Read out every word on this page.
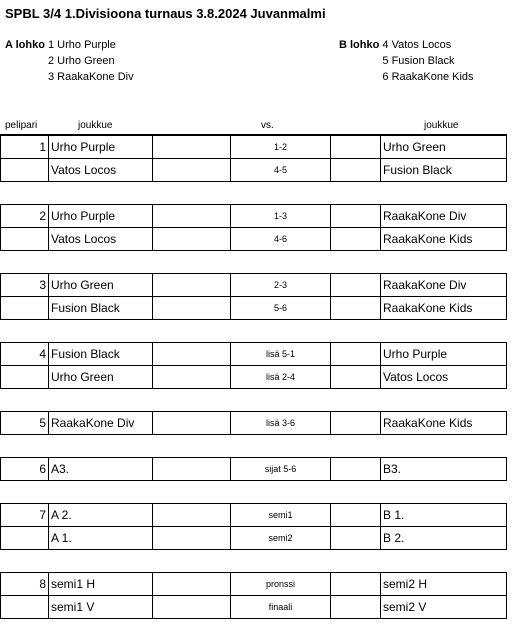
SPBL 3/4 1.Divisioona turnaus 3.8.2024 Juvanmalmi
A lohko 1 Urho Purple
2 Urho Green
3 RaakaKone Div
B lohko 4 Vatos Locos
5 Fusion Black
6 RaakaKone Kids
pelipari	joukkue	vs.	joukkue
1	Urho Purple		1-2		Urho Green
	Vatos Locos		4-5		Fusion Black

2	Urho Purple		1-3		RaakaKone Div
	Vatos Locos		4-6		RaakaKone Kids

3	Urho Green		2-3		RaakaKone Div
	Fusion Black		5-6		RaakaKone Kids

4	Fusion Black		lisä 5-1		Urho Purple
	Urho Green		lisä 2-4		Vatos Locos

5	RaakaKone Div		lisä 3-6		RaakaKone Kids

6	A3.		sijat 5-6		B3.

7	A 2.		semi1		B 1.
	A 1.		semi2		B 2.

8	semi1 H		pronssi		semi2 H
	semi1 V		finaali		semi2 V
